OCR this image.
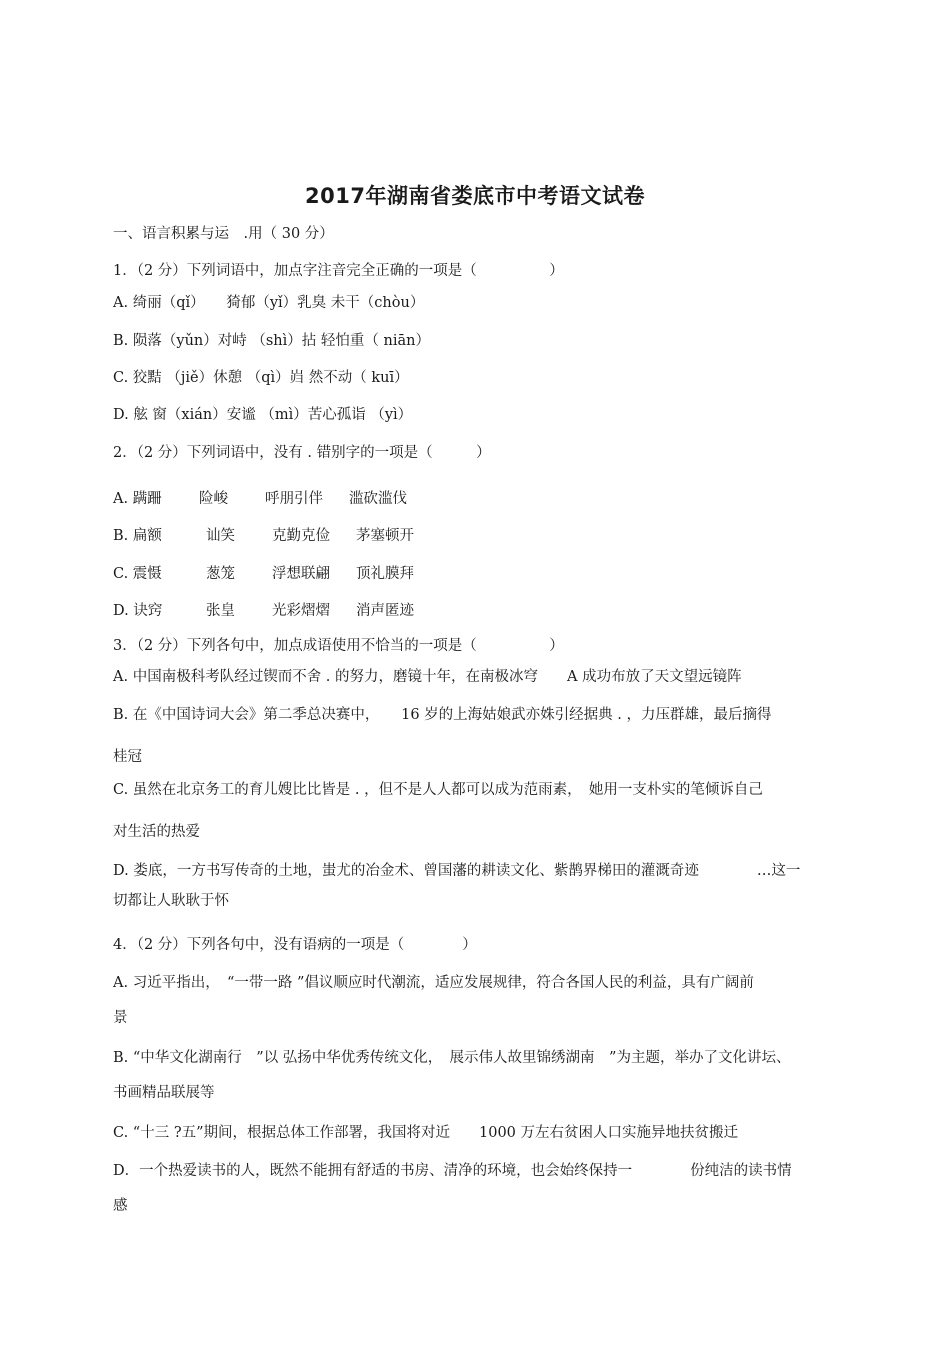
2017年湖南省娄底市中考语文试卷
一、语言积累与运　.用（ 30 分）
1．（2 分）下列词语中，加点字注音完全正确的一项是（　　　　　）
A. 绮丽（qǐ）　　猗郁（yǐ）乳臭 未干（chòu）
B. 陨落（yǔn）对峙 （shì）拈 轻怕重（ niān）
C. 狡黠 （jiě）休憩 （qì）岿 然不动（ kuī）
D. 舷 窗（xián）安谧 （mì）苦心孤诣 （yì）
2．（2 分）下列词语中，没有 . 错别字的一项是（　　　）
A. 蹒跚	险峻	呼朋引伴	滥砍滥伐
B. 扁额	讪笑	克勤克俭	茅塞顿开
C. 震慑	葱笼	浮想联翩	顶礼膜拜
D. 诀窍	张皇	光彩熠熠	消声匿迹
3．（2 分）下列各句中，加点成语使用不恰当的一项是（　　　　　）
A. 中国南极科考队经过锲而不舍 . 的努力，磨镜十年，在南极冰穹　　A 成功布放了天文望远镜阵
B. 在《中国诗词大会》第二季总决赛中，　　16 岁的上海姑娘武亦姝引经据典 . ，力压群雄，最后摘得
桂冠
C. 虽然在北京务工的育儿嫂比比皆是 . ，但不是人人都可以成为范雨素，　她用一支朴实的笔倾诉自己
对生活的热爱
D. 娄底，一方书写传奇的土地，蚩尤的冶金术、曾国藩的耕读文化、紫鹊界梯田的灌溉奇迹　　　　…这一
切都让人耿耿于怀
4．（2 分）下列各句中，没有语病的一项是（　　　　）
A. 习近平指出，　“一带一路 ”倡议顺应时代潮流，适应发展规律，符合各国人民的利益，具有广阔前
景
B. “中华文化湖南行　”以 弘扬中华优秀传统文化，　展示伟人故里锦绣湖南　”为主题，举办了文化讲坛、
书画精品联展等
C. “十三 ?五”期间，根据总体工作部署，我国将对近　　1000 万左右贫困人口实施异地扶贫搬迁
D．一个热爱读书的人，既然不能拥有舒适的书房、清净的环境，也会始终保持一　　　　份纯洁的读书情
感
